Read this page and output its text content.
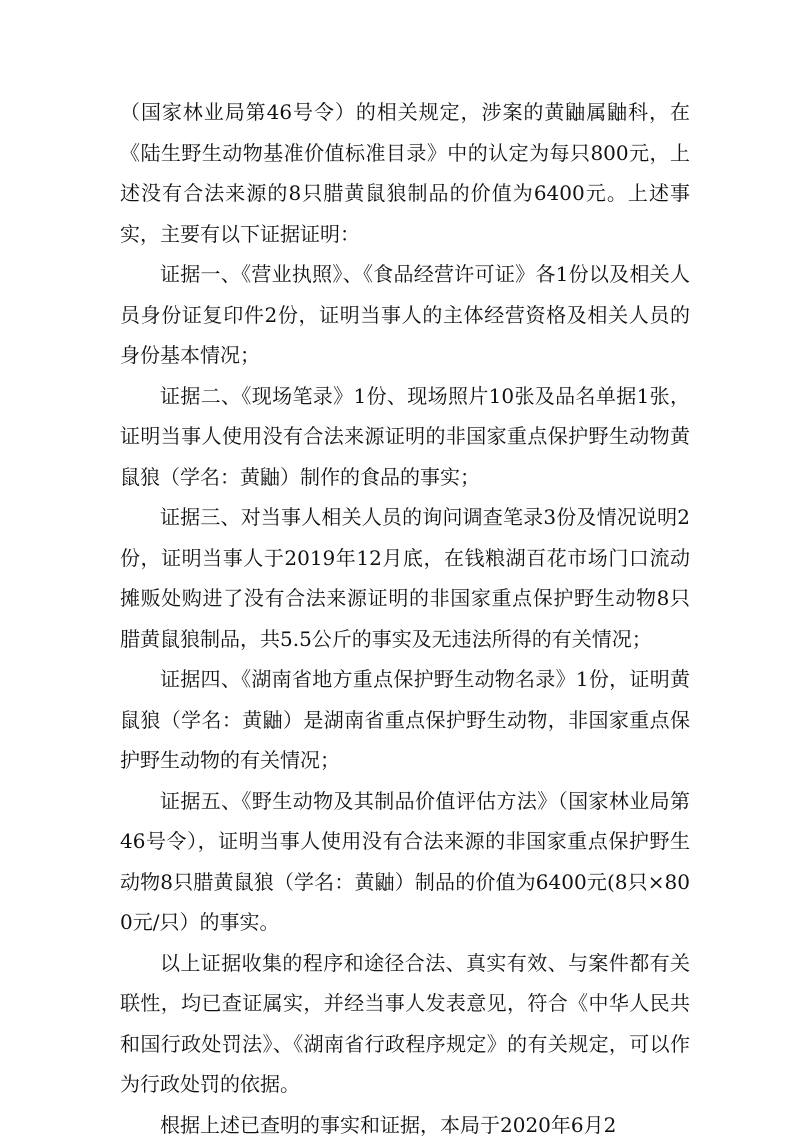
（国家林业局第46号令）的相关规定，涉案的黄鼬属鼬科，在《陆生野生动物基准价值标准目录》中的认定为每只800元，上述没有合法来源的8只腊黄鼠狼制品的价值为6400元。上述事实，主要有以下证据证明：

证据一、《营业执照》、《食品经营许可证》各1份以及相关人员身份证复印件2份，证明当事人的主体经营资格及相关人员的身份基本情况；

证据二、《现场笔录》1份、现场照片10张及品名单据1张，证明当事人使用没有合法来源证明的非国家重点保护野生动物黄鼠狼（学名：黄鼬）制作的食品的事实；

证据三、对当事人相关人员的询问调查笔录3份及情况说明2份，证明当事人于2019年12月底，在钱粮湖百花市场门口流动摊贩处购进了没有合法来源证明的非国家重点保护野生动物8只腊黄鼠狼制品，共5.5公斤的事实及无违法所得的有关情况；

证据四、《湖南省地方重点保护野生动物名录》1份，证明黄鼠狼（学名：黄鼬）是湖南省重点保护野生动物，非国家重点保护野生动物的有关情况；

证据五、《野生动物及其制品价值评估方法》（国家林业局第46号令），证明当事人使用没有合法来源的非国家重点保护野生动物8只腊黄鼠狼（学名：黄鼬）制品的价值为6400元(8只×800元/只）的事实。

以上证据收集的程序和途径合法、真实有效、与案件都有关联性，均已查证属实，并经当事人发表意见，符合《中华人民共和国行政处罚法》、《湖南省行政程序规定》的有关规定，可以作为行政处罚的依据。

根据上述已查明的事实和证据，本局于2020年6月2
